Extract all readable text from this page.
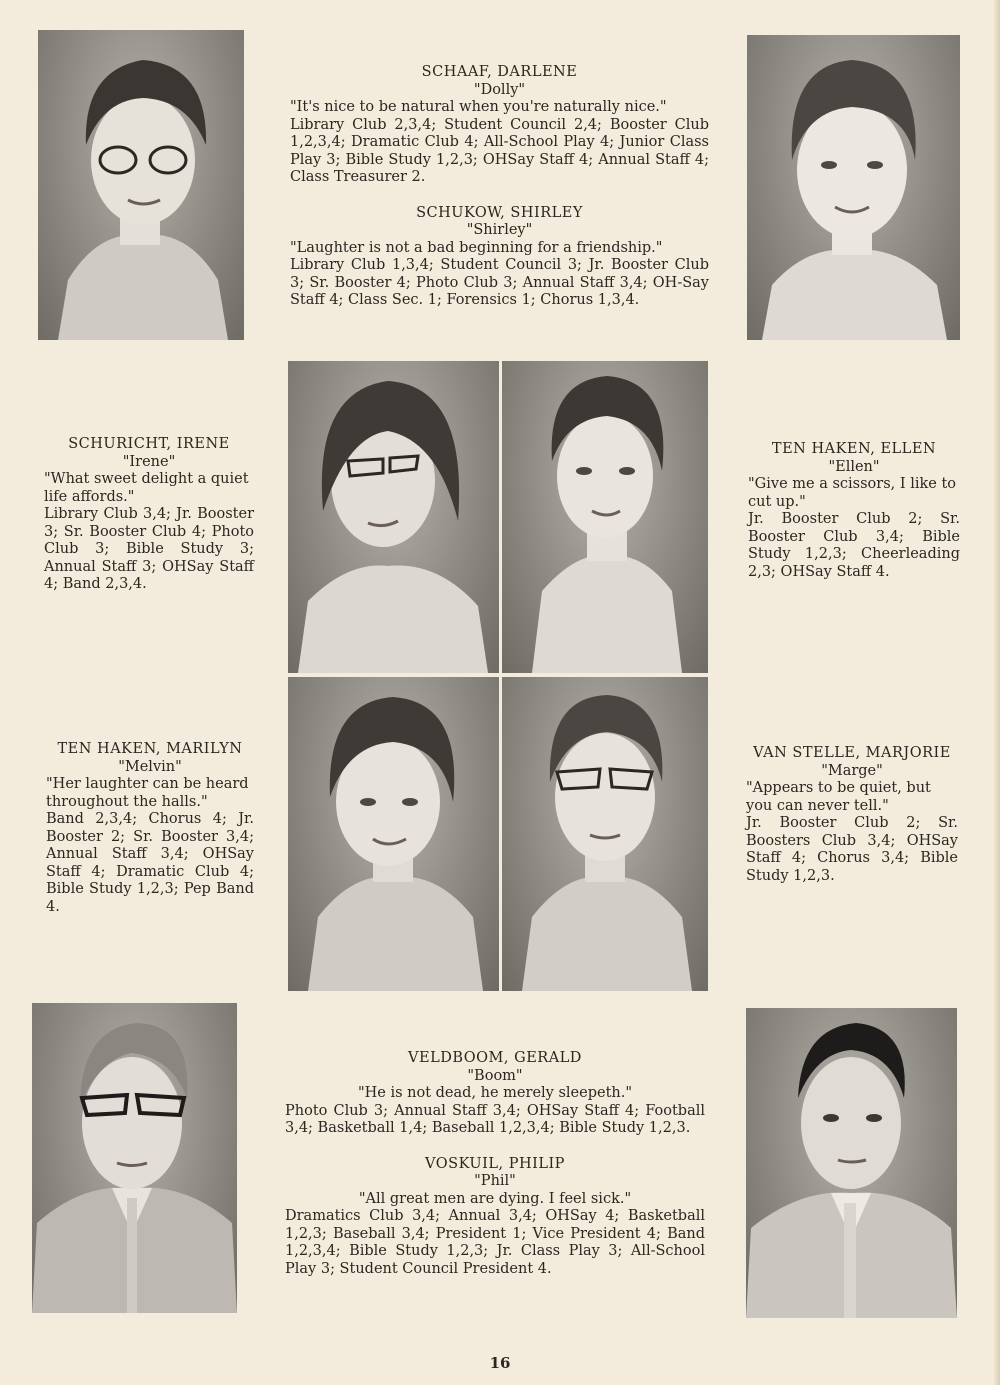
SCHAAF, DARLENE
"Dolly"
"It's nice to be natural when you're naturally nice."
Library Club 2,3,4; Student Council 2,4; Booster Club 1,2,3,4; Dramatic Club 4; All-School Play 4; Junior Class Play 3; Bible Study 1,2,3; OHSay Staff 4; Annual Staff 4; Class Treasurer 2.
SCHUKOW, SHIRLEY
"Shirley"
"Laughter is not a bad beginning for a friendship."
Library Club 1,3,4; Student Council 3; Jr. Booster Club 3; Sr. Booster 4; Photo Club 3; Annual Staff 3,4; OH-Say Staff 4; Class Sec. 1; Forensics 1; Chorus 1,3,4.
SCHURICHT, IRENE
"Irene"
"What sweet delight a quiet life affords."
Library Club 3,4; Jr. Booster 3; Sr. Booster Club 4; Photo Club 3; Bible Study 3; Annual Staff 3; OHSay Staff 4; Band 2,3,4.
TEN HAKEN, ELLEN
"Ellen"
"Give me a scissors, I like to cut up."
Jr. Booster Club 2; Sr. Booster Club 3,4; Bible Study 1,2,3; Cheerleading 2,3; OHSay Staff 4.
TEN HAKEN, MARILYN
"Melvin"
"Her laughter can be heard throughout the halls."
Band 2,3,4; Chorus 4; Jr. Booster 2; Sr. Booster 3,4; Annual Staff 3,4; OHSay Staff 4; Dramatic Club 4; Bible Study 1,2,3; Pep Band 4.
VAN STELLE, MARJORIE
"Marge"
"Appears to be quiet, but you can never tell."
Jr. Booster Club 2; Sr. Boosters Club 3,4; OHSay Staff 4; Chorus 3,4; Bible Study 1,2,3.
VELDBOOM, GERALD
"Boom"
"He is not dead, he merely sleepeth."
Photo Club 3; Annual Staff 3,4; OHSay Staff 4; Football 3,4; Basketball 1,4; Baseball 1,2,3,4; Bible Study 1,2,3.
VOSKUIL, PHILIP
"Phil"
"All great men are dying. I feel sick."
Dramatics Club 3,4; Annual 3,4; OHSay 4; Basketball 1,2,3; Baseball 3,4; President 1; Vice President 4; Band 1,2,3,4; Bible Study 1,2,3; Jr. Class Play 3; All-School Play 3; Student Council President 4.
16
